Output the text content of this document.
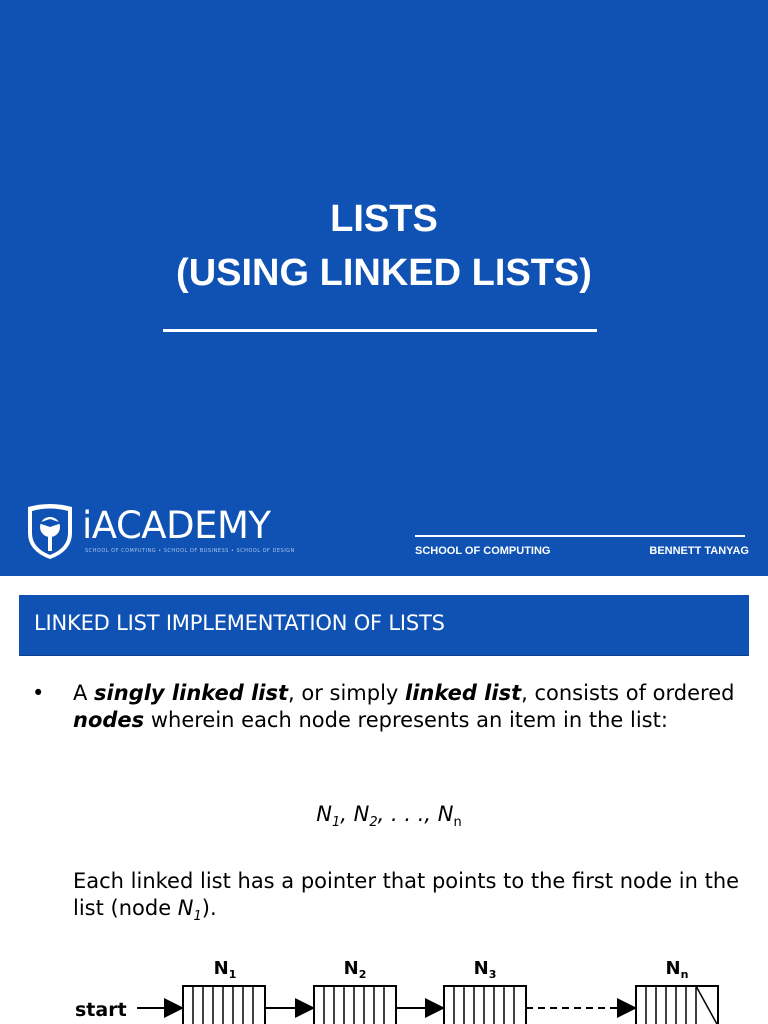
LISTS
(USING LINKED LISTS)
iACADEMY
SCHOOL OF COMPUTING • SCHOOL OF BUSINESS • SCHOOL OF DESIGN	SCHOOL OF COMPUTING	BENNETT TANYAG
LINKED LIST IMPLEMENTATION OF LISTS
• A singly linked list, or simply linked list, consists of ordered nodes wherein each node represents an item in the list:

$N_1$, $N_2$, . . ., $N_n$

Each linked list has a pointer that points to the first node in the list (node $N_1$).

$N_1$	$N_2$	$N_3$	$N_n$
start
